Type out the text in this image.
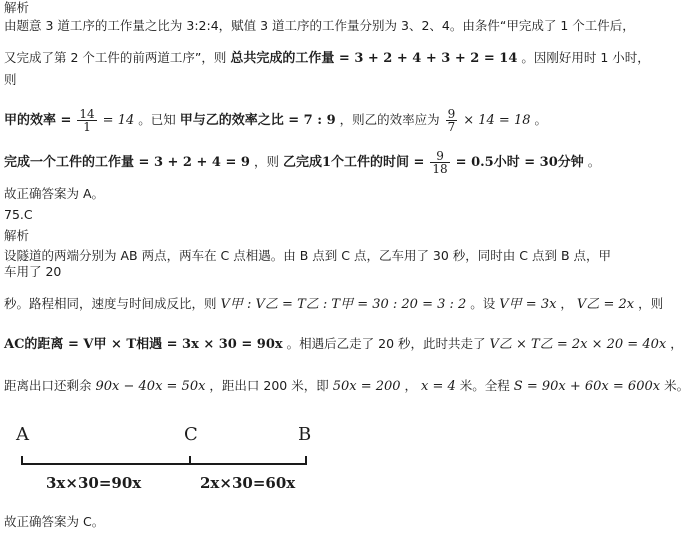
解析
由题意 3 道工序的工作量之比为 3:2:4，赋值 3 道工序的工作量分别为 3、2、4。由条件“甲完成了 1 个工件后，
又完成了第 2 个工件的前两道工序”，则 总共完成的工作量 = 3 + 2 + 4 + 3 + 2 = 14 。因刚好用时 1 小时，
则
甲的效率 = $\frac{14}{1} = 14$ 。已知 甲与乙的效率之比 = 7 : 9 ，则乙的效率应为 $\frac{9}{7} \times 14 = 18$ 。
完成一个工件的工作量 = 3 + 2 + 4 = 9 ，则 乙完成1个工件的时间 = $\frac{9}{18} = 0.5$小时 = 30分钟 。
故正确答案为 A。
75.C
解析
设隧道的两端分别为 AB 两点，两车在 C 点相遇。由 B 点到 C 点，乙车用了 30 秒，同时由 C 点到 B 点，甲
车用了 20
秒。路程相同，速度与时间成反比，则 V甲 : V乙 = T乙 : T甲 = 30 : 20 = 3 : 2 。设 V甲 = 3x ， V乙 = 2x ，则
AC的距离 = V甲 × T相遇 = 3x × 30 = 90x 。相遇后乙走了 20 秒，此时共走了 V乙 × T乙 = 2x × 20 = 40x ，
距离出口还剩余 90x − 40x = 50x ，距出口 200 米，即 50x = 200 ， x = 4 米。全程 S = 90x + 60x = 600x 米。
A	C	B
3x×30=90x	2x×30=60x
故正确答案为 C。
